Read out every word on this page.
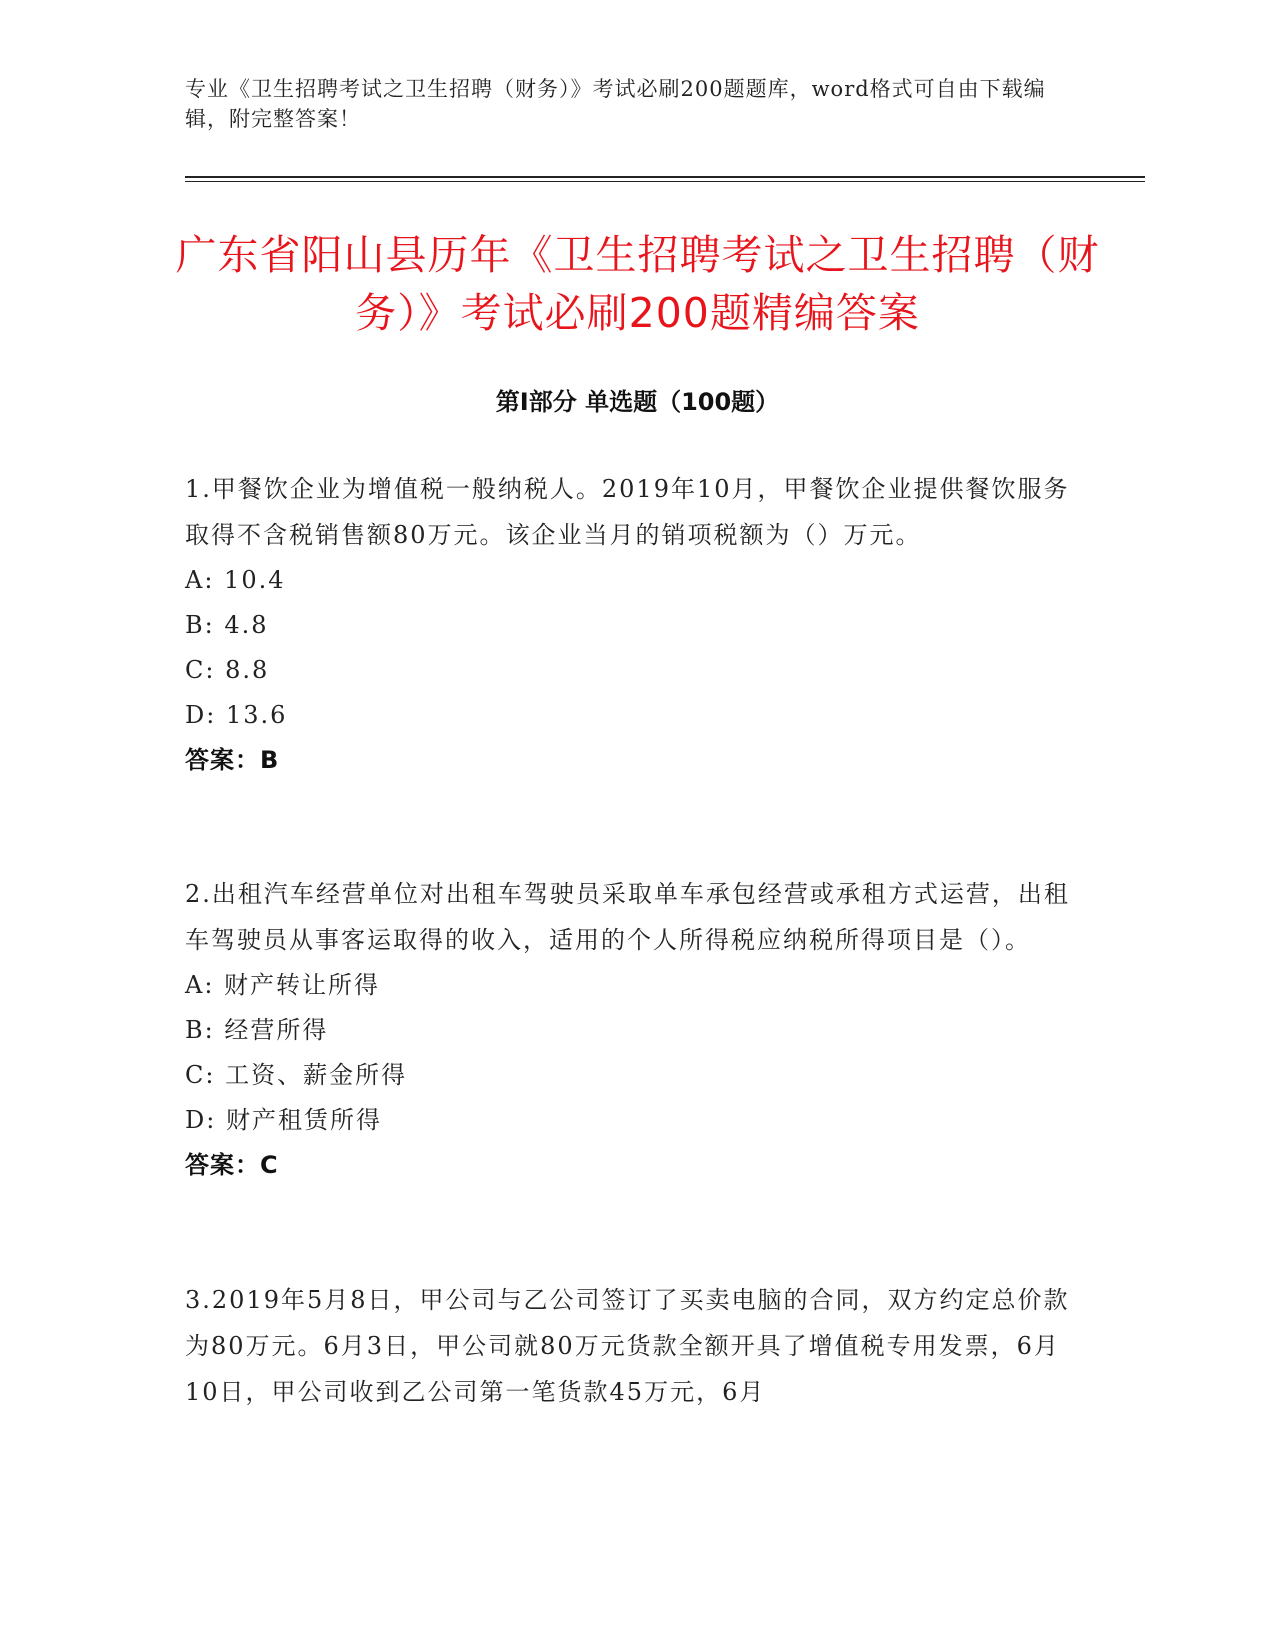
专业《卫生招聘考试之卫生招聘（财务）》考试必刷200题题库，word格式可自由下载编辑，附完整答案！
广东省阳山县历年《卫生招聘考试之卫生招聘（财务）》考试必刷200题精编答案
第Ⅰ部分 单选题（100题）
1.甲餐饮企业为增值税一般纳税人。2019年10月，甲餐饮企业提供餐饮服务取得不含税销售额80万元。该企业当月的销项税额为（）万元。
A: 10.4
B: 4.8
C: 8.8
D: 13.6
答案：B
2.出租汽车经营单位对出租车驾驶员采取单车承包经营或承租方式运营，出租车驾驶员从事客运取得的收入，适用的个人所得税应纳税所得项目是（）。
A: 财产转让所得
B: 经营所得
C: 工资、薪金所得
D: 财产租赁所得
答案：C
3.2019年5月8日，甲公司与乙公司签订了买卖电脑的合同，双方约定总价款为80万元。6月3日，甲公司就80万元货款全额开具了增值税专用发票，6月10日，甲公司收到乙公司第一笔货款45万元，6月
